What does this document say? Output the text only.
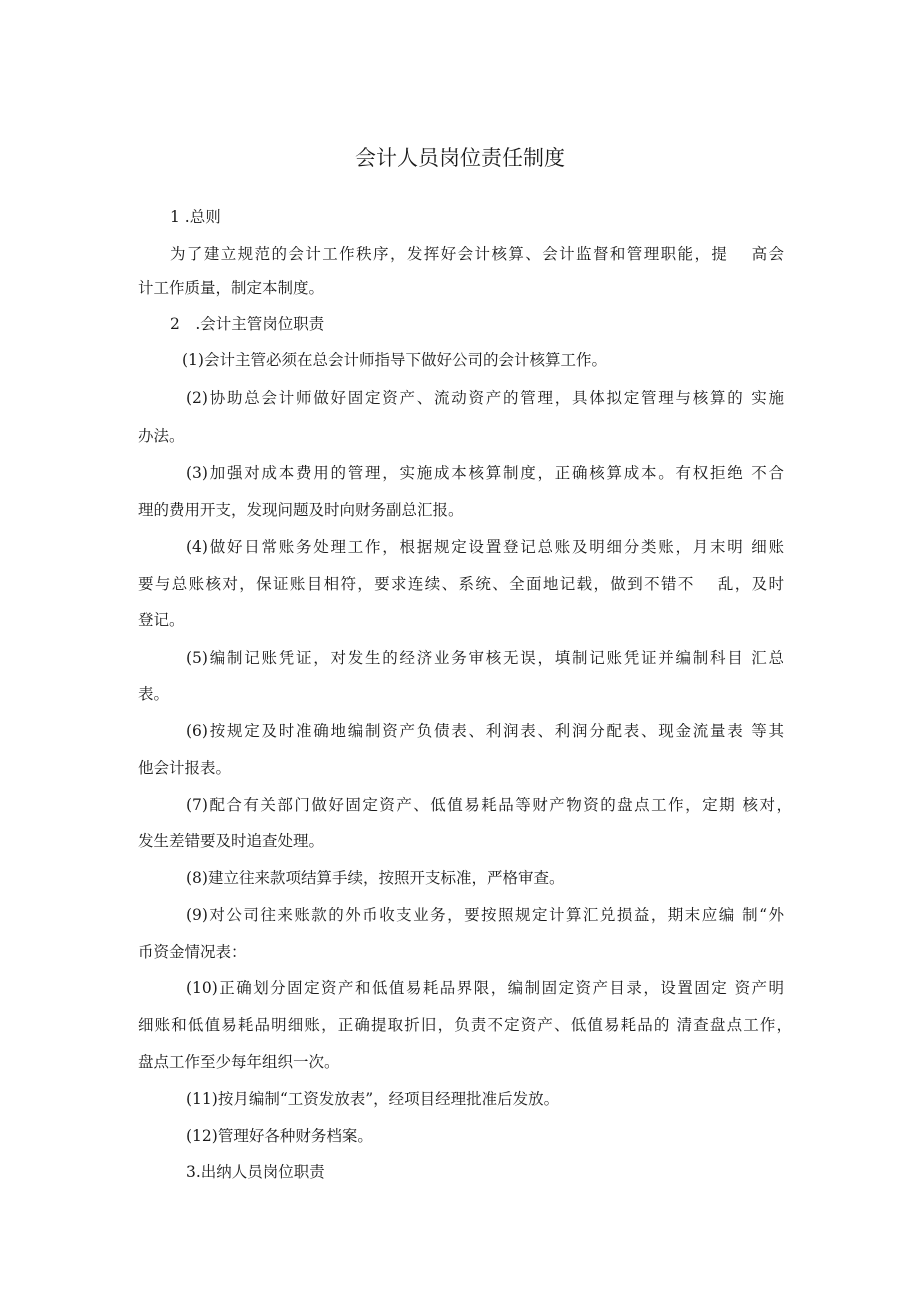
会计人员岗位责任制度
1 .总则
为了建立规范的会计工作秩序，发挥好会计核算、会计监督和管理职能，提　 高会
计工作质量，制定本制度。
2　.会计主管岗位职责
(1)会计主管必须在总会计师指导下做好公司的会计核算工作。
(2)协助总会计师做好固定资产、流动资产的管理，具体拟定管理与核算的 实施
办法。
(3)加强对成本费用的管理，实施成本核算制度，正确核算成本。有权拒绝 不合
理的费用开支，发现问题及时向财务副总汇报。
(4)做好日常账务处理工作，根据规定设置登记总账及明细分类账，月末明 细账
要与总账核对，保证账目相符，要求连续、系统、全面地记载，做到不错不　 乱，及时
登记。
(5)编制记账凭证，对发生的经济业务审核无误，填制记账凭证并编制科目 汇总
表。
(6)按规定及时准确地编制资产负债表、利润表、利润分配表、现金流量表 等其
他会计报表。
(7)配合有关部门做好固定资产、低值易耗品等财产物资的盘点工作，定期 核对，
发生差错要及时追查处理。
(8)建立往来款项结算手续，按照开支标准，严格审查。
(9)对公司往来账款的外币收支业务，要按照规定计算汇兑损益，期末应编 制“外
币资金情况表：
(10)正确划分固定资产和低值易耗品界限，编制固定资产目录，设置固定 资产明
细账和低值易耗品明细账，正确提取折旧，负责不定资产、低值易耗品的 清查盘点工作，
盘点工作至少每年组织一次。
(11)按月编制“工资发放表”，经项目经理批准后发放。
(12)管理好各种财务档案。
3.出纳人员岗位职责
